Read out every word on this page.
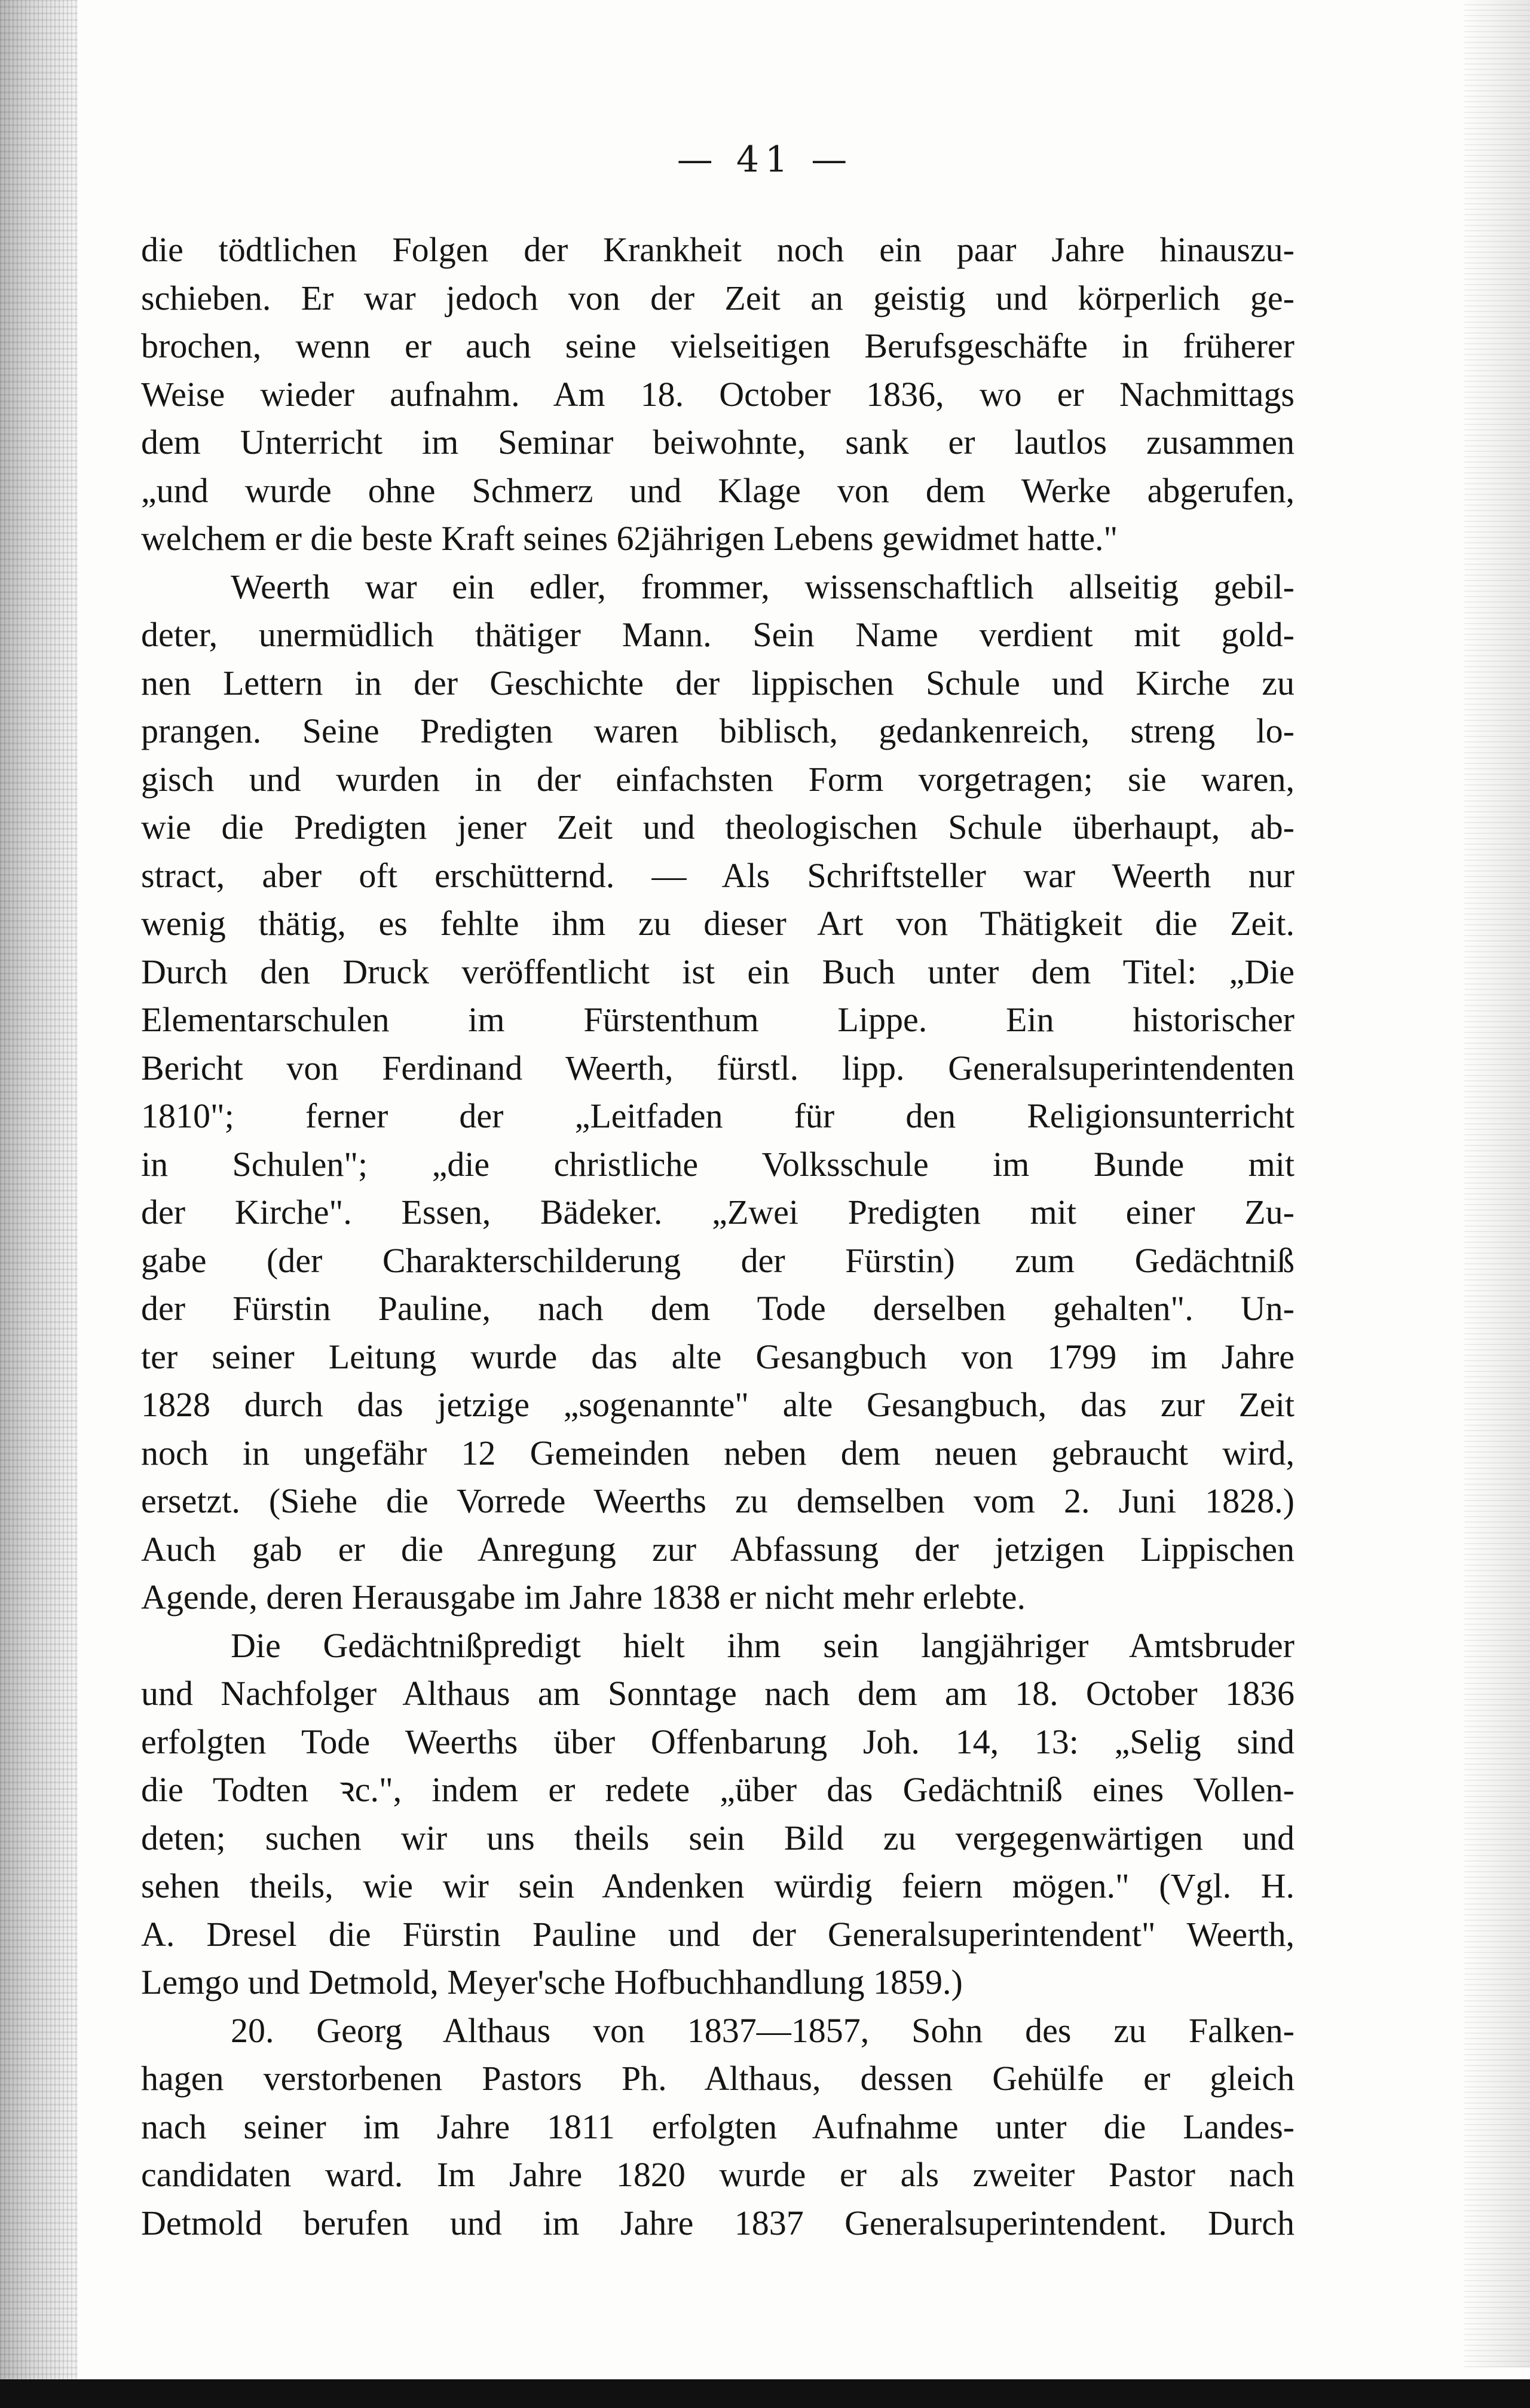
— 41 —
die tödtlichen Folgen der Krankheit noch ein paar Jahre hinauszu-
schieben. Er war jedoch von der Zeit an geistig und körperlich ge-
brochen, wenn er auch seine vielseitigen Berufsgeschäfte in früherer
Weise wieder aufnahm. Am 18. October 1836, wo er Nachmittags
dem Unterricht im Seminar beiwohnte, sank er lautlos zusammen
„und wurde ohne Schmerz und Klage von dem Werke abgerufen,
welchem er die beste Kraft seines 62jährigen Lebens gewidmet hatte."
Weerth war ein edler, frommer, wissenschaftlich allseitig gebil-
deter, unermüdlich thätiger Mann. Sein Name verdient mit gold-
nen Lettern in der Geschichte der lippischen Schule und Kirche zu
prangen. Seine Predigten waren biblisch, gedankenreich, streng lo-
gisch und wurden in der einfachsten Form vorgetragen; sie waren,
wie die Predigten jener Zeit und theologischen Schule überhaupt, ab-
stract, aber oft erschütternd. — Als Schriftsteller war Weerth nur
wenig thätig, es fehlte ihm zu dieser Art von Thätigkeit die Zeit.
Durch den Druck veröffentlicht ist ein Buch unter dem Titel: „Die
Elementarschulen im Fürstenthum Lippe. Ein historischer
Bericht von Ferdinand Weerth, fürstl. lipp. Generalsuperintendenten
1810"; ferner der „Leitfaden für den Religionsunterricht
in Schulen"; „die christliche Volksschule im Bunde mit
der Kirche". Essen, Bädeker. „Zwei Predigten mit einer Zu-
gabe (der Charakterschilderung der Fürstin) zum Gedächtniß
der Fürstin Pauline, nach dem Tode derselben gehalten". Un-
ter seiner Leitung wurde das alte Gesangbuch von 1799 im Jahre
1828 durch das jetzige „sogenannte" alte Gesangbuch, das zur Zeit
noch in ungefähr 12 Gemeinden neben dem neuen gebraucht wird,
ersetzt. (Siehe die Vorrede Weerths zu demselben vom 2. Juni 1828.)
Auch gab er die Anregung zur Abfassung der jetzigen Lippischen
Agende, deren Herausgabe im Jahre 1838 er nicht mehr erlebte.
Die Gedächtnißpredigt hielt ihm sein langjähriger Amtsbruder
und Nachfolger Althaus am Sonntage nach dem am 18. October 1836
erfolgten Tode Weerths über Offenbarung Joh. 14, 13: „Selig sind
die Todten ꝛc.", indem er redete „über das Gedächtniß eines Vollen-
deten; suchen wir uns theils sein Bild zu vergegenwärtigen und
sehen theils, wie wir sein Andenken würdig feiern mögen." (Vgl. H.
A. Dresel die Fürstin Pauline und der Generalsuperintendent" Weerth,
Lemgo und Detmold, Meyer'sche Hofbuchhandlung 1859.)
20. Georg Althaus von 1837—1857, Sohn des zu Falken-
hagen verstorbenen Pastors Ph. Althaus, dessen Gehülfe er gleich
nach seiner im Jahre 1811 erfolgten Aufnahme unter die Landes-
candidaten ward. Im Jahre 1820 wurde er als zweiter Pastor nach
Detmold berufen und im Jahre 1837 Generalsuperintendent. Durch
